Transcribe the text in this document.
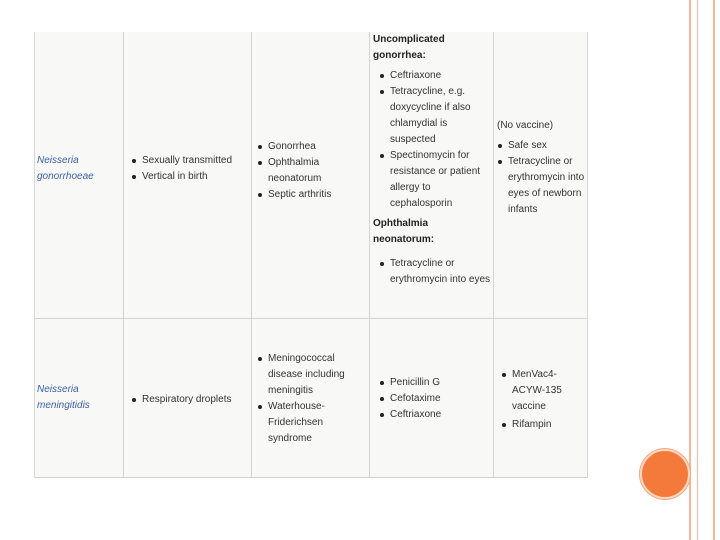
Neisseria
gonorrhoeae
Sexually transmitted
Vertical in birth
Gonorrhea
Ophthalmia neonatorum
Septic arthritis
Uncomplicated
gonorrhea:
Ceftriaxone
Tetracycline, e.g. doxycycline if also chlamydial is suspected
Spectinomycin for resistance or patient allergy to cephalosporin
Ophthalmia
neonatorum:
Tetracycline or erythromycin into eyes
(No vaccine)
Safe sex
Tetracycline or erythromycin into eyes of newborn infants
Neisseria
meningitidis
Respiratory droplets
Meningococcal disease including meningitis
Waterhouse-Friderichsen syndrome
Penicillin G
Cefotaxime
Ceftriaxone
MenVac4-ACYW-135 vaccine
Rifampin
